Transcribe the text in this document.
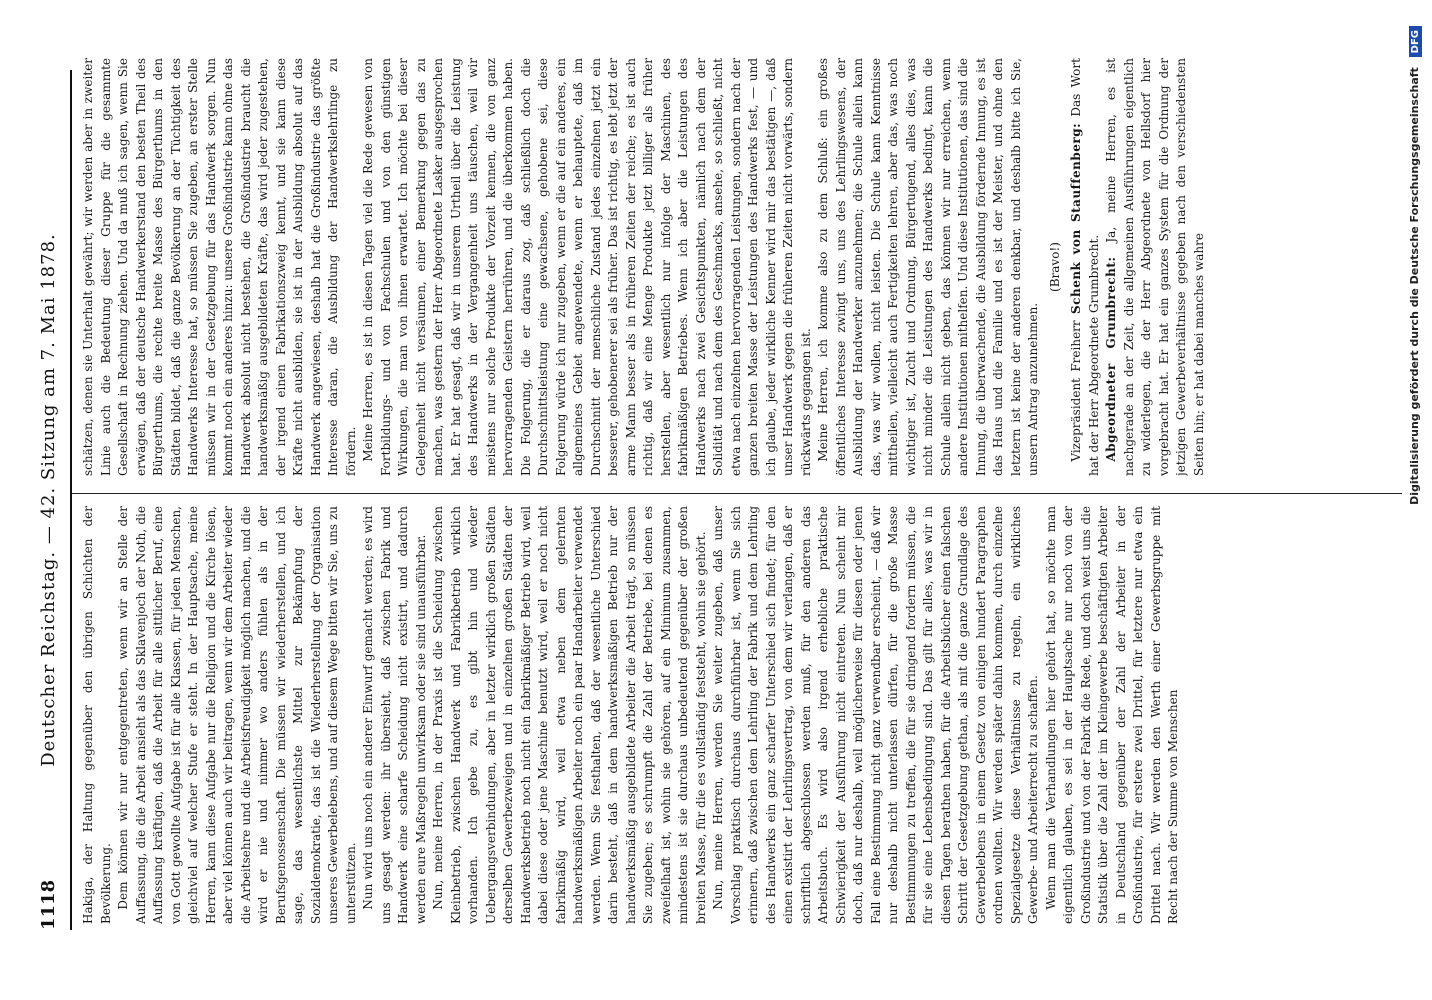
1118
Deutscher Reichstag. — 42. Sitzung am 7. Mai 1878. Hakiga, der Haltung gegenüber den übrigen Schichten der Bevölkerung. Dem können wir nur entgegentreten, wenn wir an Stelle der Auffassung, die die Arbeit ansieht als das Sklavenjoch der Noth, die Auffassung kräftigen, daß die Arbeit für alle sittlicher Beruf, eine von Gott gewollte Aufgabe ist für alle Klassen, für jeden Menschen, gleichviel auf welcher Stufe er steht. In der Hauptsache, meine Herren, kann diese Aufgabe nur die Religion und die Kirche lösen, aber viel können auch wir beitragen, wenn wir dem Arbeiter wieder die Arbeitsehre und die Arbeitsfreudigkeit möglich machen, und die wird er nie und nimmer wo anders fühlen als in der Berufsgenossenschaft. Die müssen wir wiederherstellen, und ich sage, das wesentlichste Mittel zur Bekämpfung der Sozialdemokratie, das ist die Wiederherstellung der Organisation unseres Gewerbelebens, und auf diesem Wege bitten wir Sie, uns zu unterstützen. Nun wird uns noch ein anderer Einwurf gemacht werden; es wird uns gesagt werden: ihr übersieht, daß zwischen Fabrik und Handwerk eine scharfe Scheidung nicht existirt, und dadurch werden eure Maßregeln unwirksam oder sie sind unausführbar. Nun, meine Herren, in der Praxis ist die Scheidung zwischen Kleinbetrieb, zwischen Handwerk und Fabrikbetrieb wirklich vorhanden. Ich gebe zu, es gibt hin und wieder Uebergangsverbindungen, aber in letzter wirklich großen Städten derselben Gewerbezweigen und in einzelnen großen Städten der Handwerksbetrieb noch nicht ein fabrikmäßiger Betrieb wird, weil dabei diese oder jene Maschine benutzt wird, weil er noch nicht fabrikmäßig wird, weil etwa neben dem gelernten handwerksmäßigen Arbeiter noch ein paar Handarbeiter verwendet werden. Wenn Sie festhalten, daß der wesentliche Unterschied darin besteht, daß in dem handwerksmäßigen Betrieb nur der handwerksmäßig ausgebildete Arbeiter die Arbeit trägt, so müssen Sie zugeben; es schrumpft die Zahl der Betriebe, bei denen es zweifelhaft ist, wohin sie gehören, auf ein Minimum zusammen, mindestens ist sie durchaus unbedeutend gegenüber der großen breiten Masse, für die es vollständig feststeht, wohin sie gehört. Nun, meine Herren, werden Sie weiter zugeben, daß unser Vorschlag praktisch durchaus durchführbar ist, wenn Sie sich erinnern, daß zwischen dem Lehrling der Fabrik und dem Lehrling des Handwerks ein ganz scharfer Unterschied sich findet; für den einen existirt der Lehrlingsvertrag, von dem wir verlangen, daß er schriftlich abgeschlossen werden muß, für den anderen das Arbeitsbuch. Es wird also irgend erhebliche praktische Schwierigkeit der Ausführung nicht eintreten. Nun scheint mir doch, daß nur deshalb, weil möglicherweise für diesen oder jenen Fall eine Bestimmung nicht ganz verwendbar erscheint, — daß wir nur deshalb nicht unterlassen dürfen, für die große Masse Bestimmungen zu treffen, die für sie dringend fordern müssen, die für sie eine Lebensbedingung sind. Das gilt für alles, was wir in diesen Tagen berathen haben, für die Arbeitsbücher einen falschen Schritt der Gesetzgebung gethan, als mit die ganze Grundlage des Gewerbelebens in einem Gesetz von einigen hundert Paragraphen ordnen wollten. Wir werden später dahin kommen, durch einzelne Spezialgesetze diese Verhältnisse zu regeln, ein wirkliches Gewerbe- und Arbeiterrecht zu schaffen. Wenn man die Verhandlungen hier gehört hat, so möchte man eigentlich glauben, es sei in der Hauptsache nur noch von der Großindustrie und von der Fabrik die Rede, und doch weist uns die Statistik über die Zahl der im Kleingewerbe beschäftigten Arbeiter in Deutschland gegenüber der Zahl der Arbeiter in der Großindustrie, für erstere zwei Drittel, für letztere nur etwa ein Drittel nach. Wir werden den Werth einer Gewerbsgruppe mit Recht nach der Summe von Menschen

schätzen, denen sie Unterhalt gewährt; wir werden aber in zweiter Linie auch die Bedeutung dieser Gruppe für die gesammte Gesellschaft in Rechnung ziehen. Und da muß ich sagen, wenn Sie erwägen, daß der deutsche Handwerkerstand den besten Theil des Bürgerthums, die rechte breite Masse des Bürgerthums in den Städten bildet, daß die ganze Bevölkerung an der Tüchtigkeit des Handwerks Interesse hat, so müssen Sie zugeben, an erster Stelle müssen wir in der Gesetzgebung für das Handwerk sorgen. Nun kommt noch ein anderes hinzu: unsere Großindustrie kann ohne das Handwerk absolut nicht bestehen, die Großindustrie braucht die handwerksmäßig ausgebildeten Kräfte, das wird jeder zugestehen, der irgend einen Fabrikationszweig kennt, und sie kann diese Kräfte nicht ausbilden, sie ist in der Ausbildung absolut auf das Handwerk angewiesen, deshalb hat die Großindustrie das größte Interesse daran, die Ausbildung der Handwerkslehrlinge zu fördern. Meine Herren, es ist in diesen Tagen viel die Rede gewesen von Fortbildungs- und von Fachschulen und von den günstigen Wirkungen, die man von ihnen erwartet. Ich möchte bei dieser Gelegenheit nicht versäumen, einer Bemerkung gegen das zu machen, was gestern der Herr Abgeordnete Lasker ausgesprochen hat. Er hat gesagt, daß wir in unserem Urtheil über die Leistung des Handwerks in der Vergangenheit uns täuschen, weil wir meistens nur solche Produkte der Vorzeit kennen, die von ganz hervorragenden Geistern herrühren, und die überkommen haben. Die Folgerung, die er daraus zog, daß schließlich doch die Durchschnittsleistung eine gewachsene, gehobene sei, diese Folgerung würde ich nur zugeben, wenn er die auf ein anderes, ein allgemeines Gebiet angewendete, wenn er behauptete, daß im Durchschnitt der menschliche Zustand jedes einzelnen jetzt ein besserer, gehobenerer sei als früher. Das ist richtig, es lebt jetzt der arme Mann besser als in früheren Zeiten der reiche; es ist auch richtig, daß wir eine Menge Produkte jetzt billiger als früher herstellen, aber wesentlich nur infolge der Maschinen, des fabrikmäßigen Betriebes. Wenn ich aber die Leistungen des Handwerks nach zwei Gesichtspunkten, nämlich nach dem der Solidität und nach dem des Geschmacks, ansehe, so schließt, nicht etwa nach einzelnen hervorragenden Leistungen, sondern nach der ganzen breiten Masse der Leistungen des Handwerks fest, — und ich glaube, jeder wirkliche Kenner wird mir das bestätigen —, daß unser Handwerk gegen die früheren Zeiten nicht vorwärts, sondern rückwärts gegangen ist. Meine Herren, ich komme also zu dem Schluß: ein großes öffentliches Interesse zwingt uns, uns des Lehrlingswesens, der Ausbildung der Handwerker anzunehmen; die Schule allein kann das, was wir wollen, nicht leisten. Die Schule kann Kenntnisse mittheilen, vielleicht auch Fertigkeiten lehren, aber das, was noch wichtiger ist, Zucht und Ordnung, Bürgertugend, alles dies, was nicht minder die Leistungen des Handwerks bedingt, kann die Schule allein nicht geben, das können wir nur erreichen, wenn andere Institutionen mithelfen. Und diese Institutionen, das sind die Innung, die überwachende, die Ausbildung fördernde Innung, es ist das Haus und die Familie und es ist der Meister, und ohne den letztern ist keine der anderen denkbar, und deshalb bitte ich Sie, unsern Antrag anzunehmen.

(Bravo!)

Vizepräsident Freiherr Schenk von Stauffenberg: Das Wort hat der Herr Abgeordnete Grumbrecht. Abgeordneter Grumbrecht: Ja, meine Herren, es ist nachgerade an der Zeit, die allgemeinen Ausführungen eigentlich zu widerlegen, die der Herr Abgeordnete von Hellsdorf hier vorgebracht hat. Er hat ein ganzes System für die Ordnung der jetzigen Gewerbeverhältnisse gegeben nach den verschiedensten Seiten hin; er hat dabei manches wahre	Digitalisierung gefördert durch die Deutsche Forschungsgemeinschaft DFG
